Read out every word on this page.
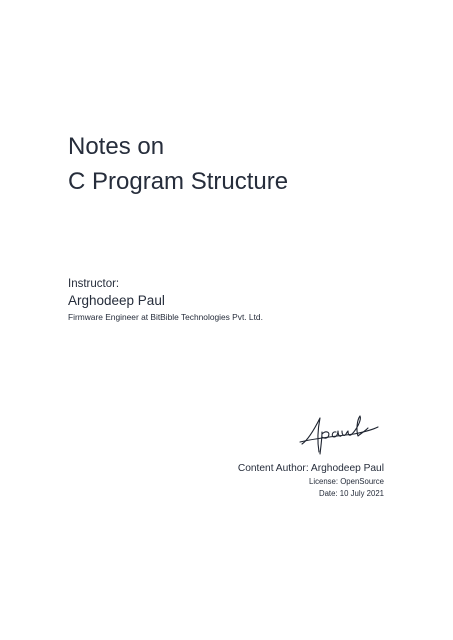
Notes on
C Program Structure
Instructor:
Arghodeep Paul
Firmware Engineer at BitBible Technologies Pvt. Ltd.
Content Author: Arghodeep Paul
License: OpenSource
Date: 10 July 2021
